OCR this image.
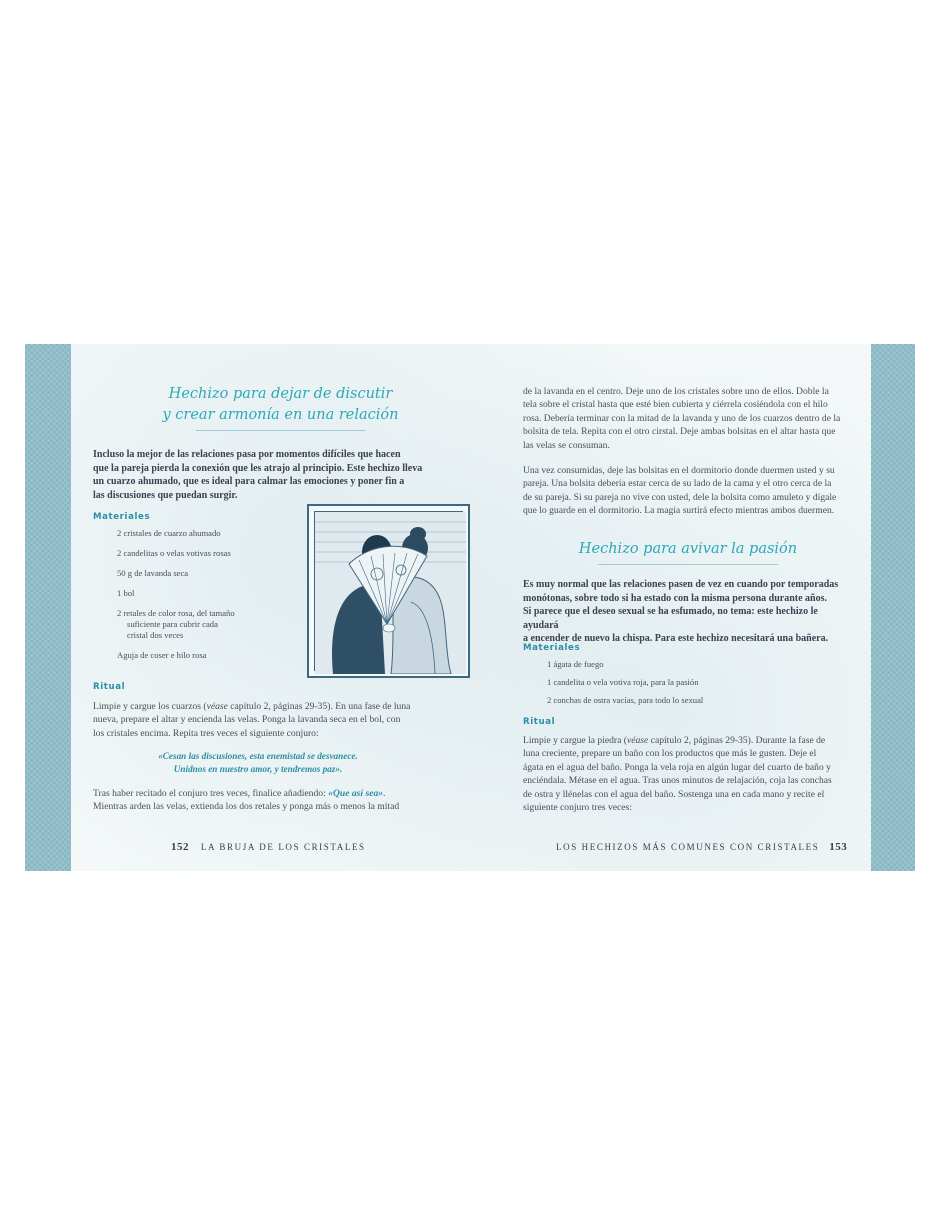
Hechizo para dejar de discutir

y crear armonía en una relación

Incluso la mejor de las relaciones pasa por momentos difíciles que hacen

que la pareja pierda la conexión que les atrajo al principio. Este hechizo lleva

un cuarzo ahumado, que es ideal para calmar las emociones y poner fin a

las discusiones que puedan surgir.

Materiales

2 cristales de cuarzo ahumado
2 candelitas o velas votivas rosas
50 g de lavanda seca
1 bol
2 retales de color rosa, del tamaño
suficiente para cubrir cada
cristal dos veces
Aguja de coser e hilo rosa

Ritual

Limpie y cargue los cuarzos (véase capítulo 2, páginas 29-35). En una fase de luna

nueva, prepare el altar y encienda las velas. Ponga la lavanda seca en el bol, con

los cristales encima. Repita tres veces el siguiente conjuro:

«Cesan las discusiones, esta enemistad se desvanece.

Unidnos en nuestro amor, y tendremos paz».

Tras haber recitado el conjuro tres veces, finalice añadiendo: «Que así sea».

Mientras arden las velas, extienda los dos retales y ponga más o menos la mitad

152 LA BRUJA DE LOS CRISTALES

de la lavanda en el centro. Deje uno de los cristales sobre uno de ellos. Doble la

tela sobre el cristal hasta que esté bien cubierta y ciérrela cosiéndola con el hilo

rosa. Debería terminar con la mitad de la lavanda y uno de los cuarzos dentro de la

bolsita de tela. Repita con el otro cirstal. Deje ambas bolsitas en el altar hasta que

las velas se consuman.

Una vez consumidas, deje las bolsitas en el dormitorio donde duermen usted y su

pareja. Una bolsita debería estar cerca de su lado de la cama y el otro cerca de la

de su pareja. Si su pareja no vive con usted, dele la bolsita como amuleto y dígale

que lo guarde en el dormitorio. La magia surtirá efecto mientras ambos duermen.

Hechizo para avivar la pasión

Es muy normal que las relaciones pasen de vez en cuando por temporadas

monótonas, sobre todo si ha estado con la misma persona durante años.

Si parece que el deseo sexual se ha esfumado, no tema: este hechizo le ayudará

a encender de nuevo la chispa. Para este hechizo necesitará una bañera.

Materiales

1 ágata de fuego
1 candelita o vela votiva roja, para la pasión
2 conchas de ostra vacías, para todo lo sexual

Ritual

Limpie y cargue la piedra (véase capítulo 2, páginas 29-35). Durante la fase de

luna creciente, prepare un baño con los productos que más le gusten. Deje el

ágata en el agua del baño. Ponga la vela roja en algún lugar del cuarto de baño y

enciéndala. Métase en el agua. Tras unos minutos de relajación, coja las conchas

de ostra y llénelas con el agua del baño. Sostenga una en cada mano y recite el

siguiente conjuro tres veces:

LOS HECHIZOS MÁS COMUNES CON CRISTALES 153
